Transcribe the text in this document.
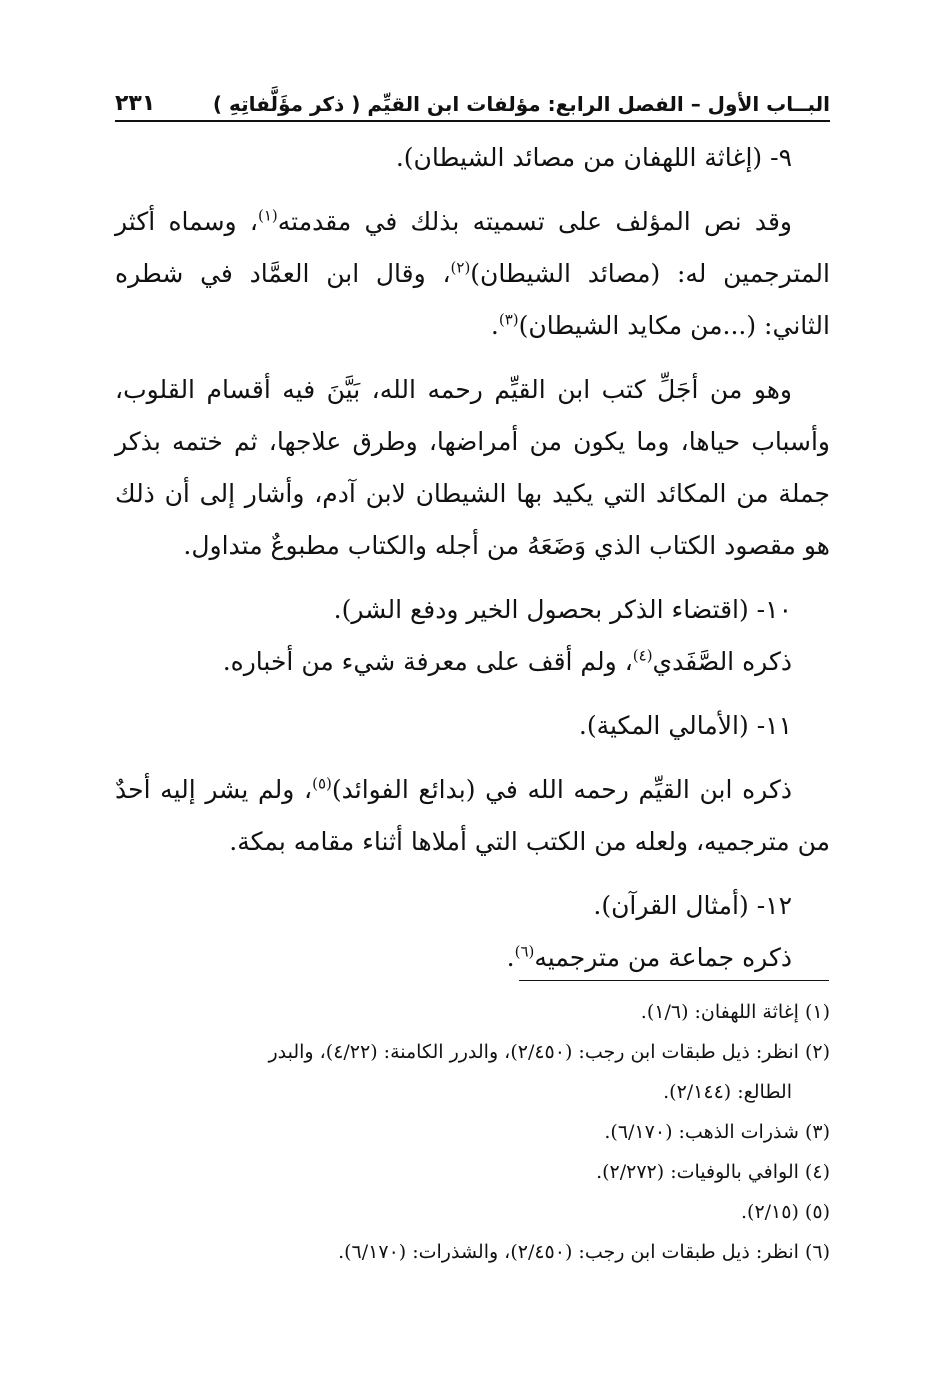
البــاب الأول – الفصل الرابع: مؤلفات ابن القيِّم ( ذكر مؤَلَّفاتِهِ )
٢٣١

٩- (إغاثة اللهفان من مصائد الشيطان).

وقد نص المؤلف على تسميته بذلك في مقدمته$^{(١)}$، وسماه أكثر المترجمين له: (مصائد الشيطان)$^{(٢)}$، وقال ابن العمَّاد في شطره الثاني: (...من مكايد الشيطان)$^{(٣)}$.

وهو من أجَلِّ كتب ابن القيِّم رحمه الله، بَيَّنَ فيه أقسام القلوب، وأسباب حياها، وما يكون من أمراضها، وطرق علاجها، ثم ختمه بذكر جملة من المكائد التي يكيد بها الشيطان لابن آدم، وأشار إلى أن ذلك هو مقصود الكتاب الذي وَضَعَهُ من أجله والكتاب مطبوعٌ متداول.

١٠- (اقتضاء الذكر بحصول الخير ودفع الشر).

ذكره الصَّفَدي$^{(٤)}$، ولم أقف على معرفة شيء من أخباره.

١١- (الأمالي المكية).

ذكره ابن القيِّم رحمه الله في (بدائع الفوائد)$^{(٥)}$، ولم يشر إليه أحدٌ من مترجميه، ولعله من الكتب التي أملاها أثناء مقامه بمكة.

١٢- (أمثال القرآن).

ذكره جماعة من مترجميه$^{(٦)}$.

(١) إغاثة اللهفان: (١/٦).

(٢) انظر: ذيل طبقات ابن رجب: (٢/٤٥٠)، والدرر الكامنة: (٤/٢٢)، والبدر

الطالع: (٢/١٤٤).

(٣) شذرات الذهب: (٦/١٧٠).

(٤) الوافي بالوفيات: (٢/٢٧٢).

(٥) (٢/١٥).

(٦) انظر: ذيل طبقات ابن رجب: (٢/٤٥٠)، والشذرات: (٦/١٧٠).
